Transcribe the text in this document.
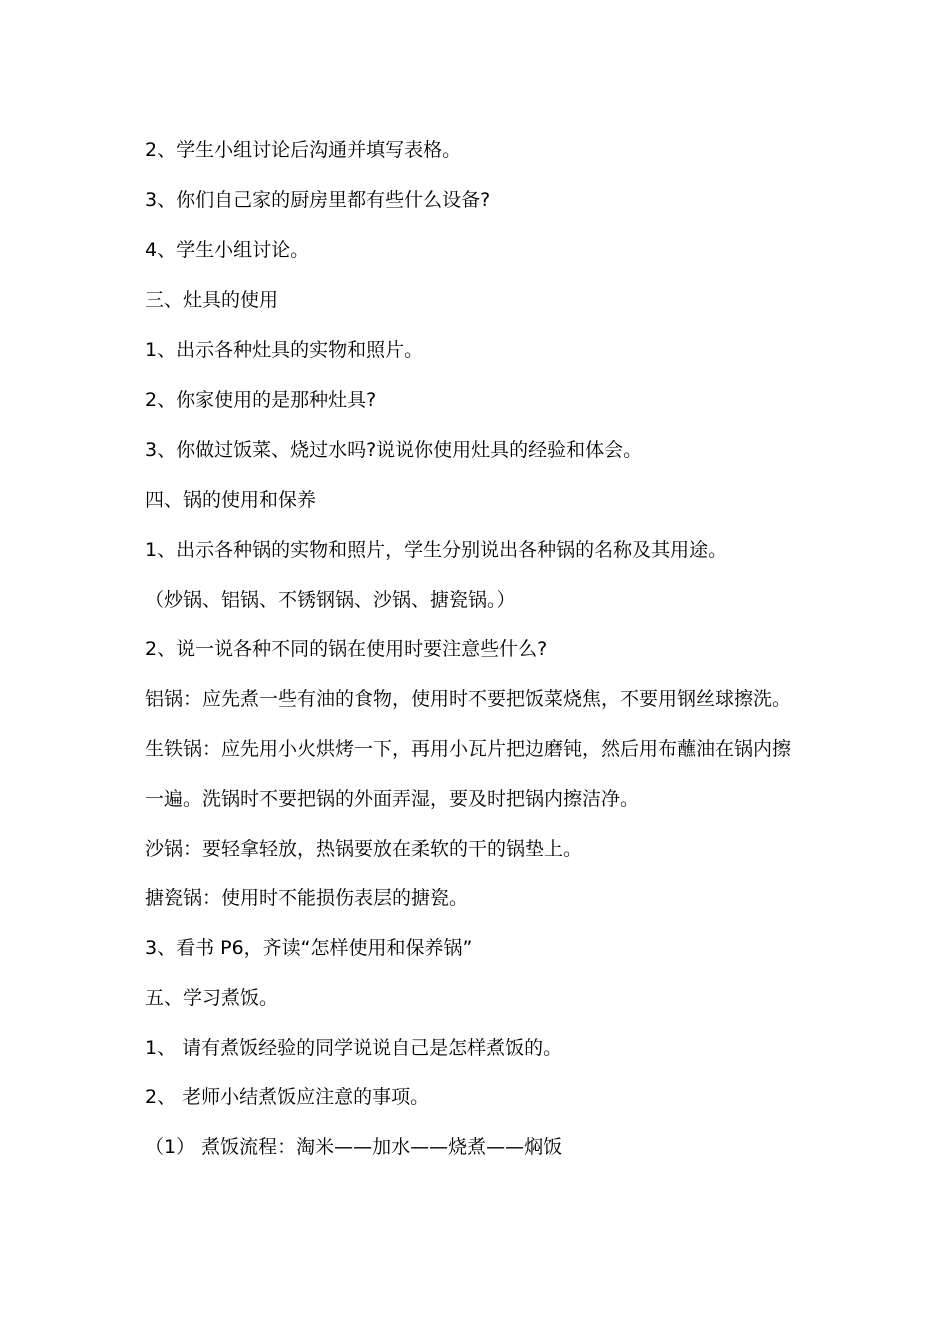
2、学生小组讨论后沟通并填写表格。
3、你们自己家的厨房里都有些什么设备?
4、学生小组讨论。
三、灶具的使用
1、出示各种灶具的实物和照片。
2、你家使用的是那种灶具?
3、你做过饭菜、烧过水吗?说说你使用灶具的经验和体会。
四、锅的使用和保养
1、出示各种锅的实物和照片，学生分别说出各种锅的名称及其用途。
（炒锅、铝锅、不锈钢锅、沙锅、搪瓷锅。）
2、说一说各种不同的锅在使用时要注意些什么?
铝锅：应先煮一些有油的食物，使用时不要把饭菜烧焦，不要用钢丝球擦洗。
生铁锅：应先用小火烘烤一下，再用小瓦片把边磨钝，然后用布蘸油在锅内擦
一遍。洗锅时不要把锅的外面弄湿，要及时把锅内擦洁净。
沙锅：要轻拿轻放，热锅要放在柔软的干的锅垫上。
搪瓷锅：使用时不能损伤表层的搪瓷。
3、看书 P6，齐读“怎样使用和保养锅”
五、学习煮饭。
1、 请有煮饭经验的同学说说自己是怎样煮饭的。
2、 老师小结煮饭应注意的事项。
（1） 煮饭流程：淘米——加水——烧煮——焖饭
